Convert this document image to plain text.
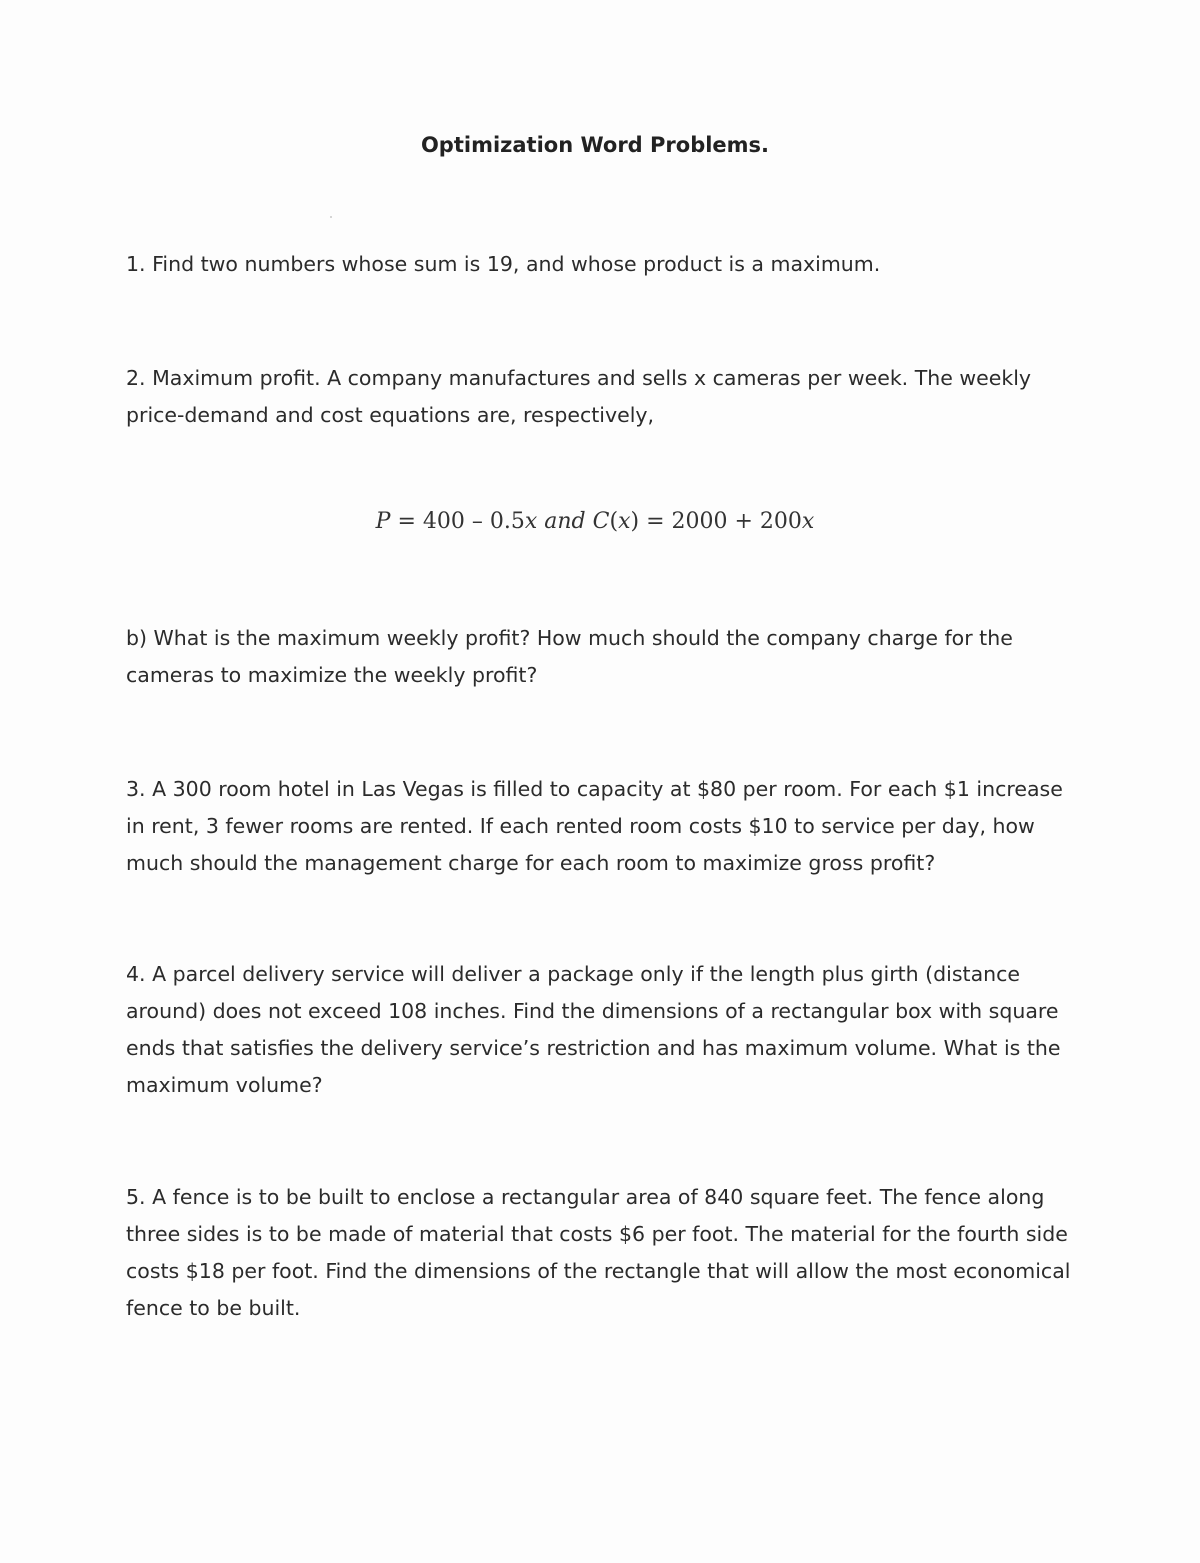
Optimization Word Problems.
1. Find two numbers whose sum is 19, and whose product is a maximum.
2. Maximum profit. A company manufactures and sells x cameras per week. The weekly price-demand and cost equations are, respectively,
P = 400 – 0.5x and C(x) = 2000 + 200x
b) What is the maximum weekly profit? How much should the company charge for the cameras to maximize the weekly profit?
3. A 300 room hotel in Las Vegas is filled to capacity at $80 per room. For each $1 increase in rent, 3 fewer rooms are rented. If each rented room costs $10 to service per day, how much should the management charge for each room to maximize gross profit?
4. A parcel delivery service will deliver a package only if the length plus girth (distance around) does not exceed 108 inches. Find the dimensions of a rectangular box with square ends that satisfies the delivery service’s restriction and has maximum volume. What is the maximum volume?
5. A fence is to be built to enclose a rectangular area of 840 square feet. The fence along three sides is to be made of material that costs $6 per foot. The material for the fourth side costs $18 per foot. Find the dimensions of the rectangle that will allow the most economical fence to be built.
